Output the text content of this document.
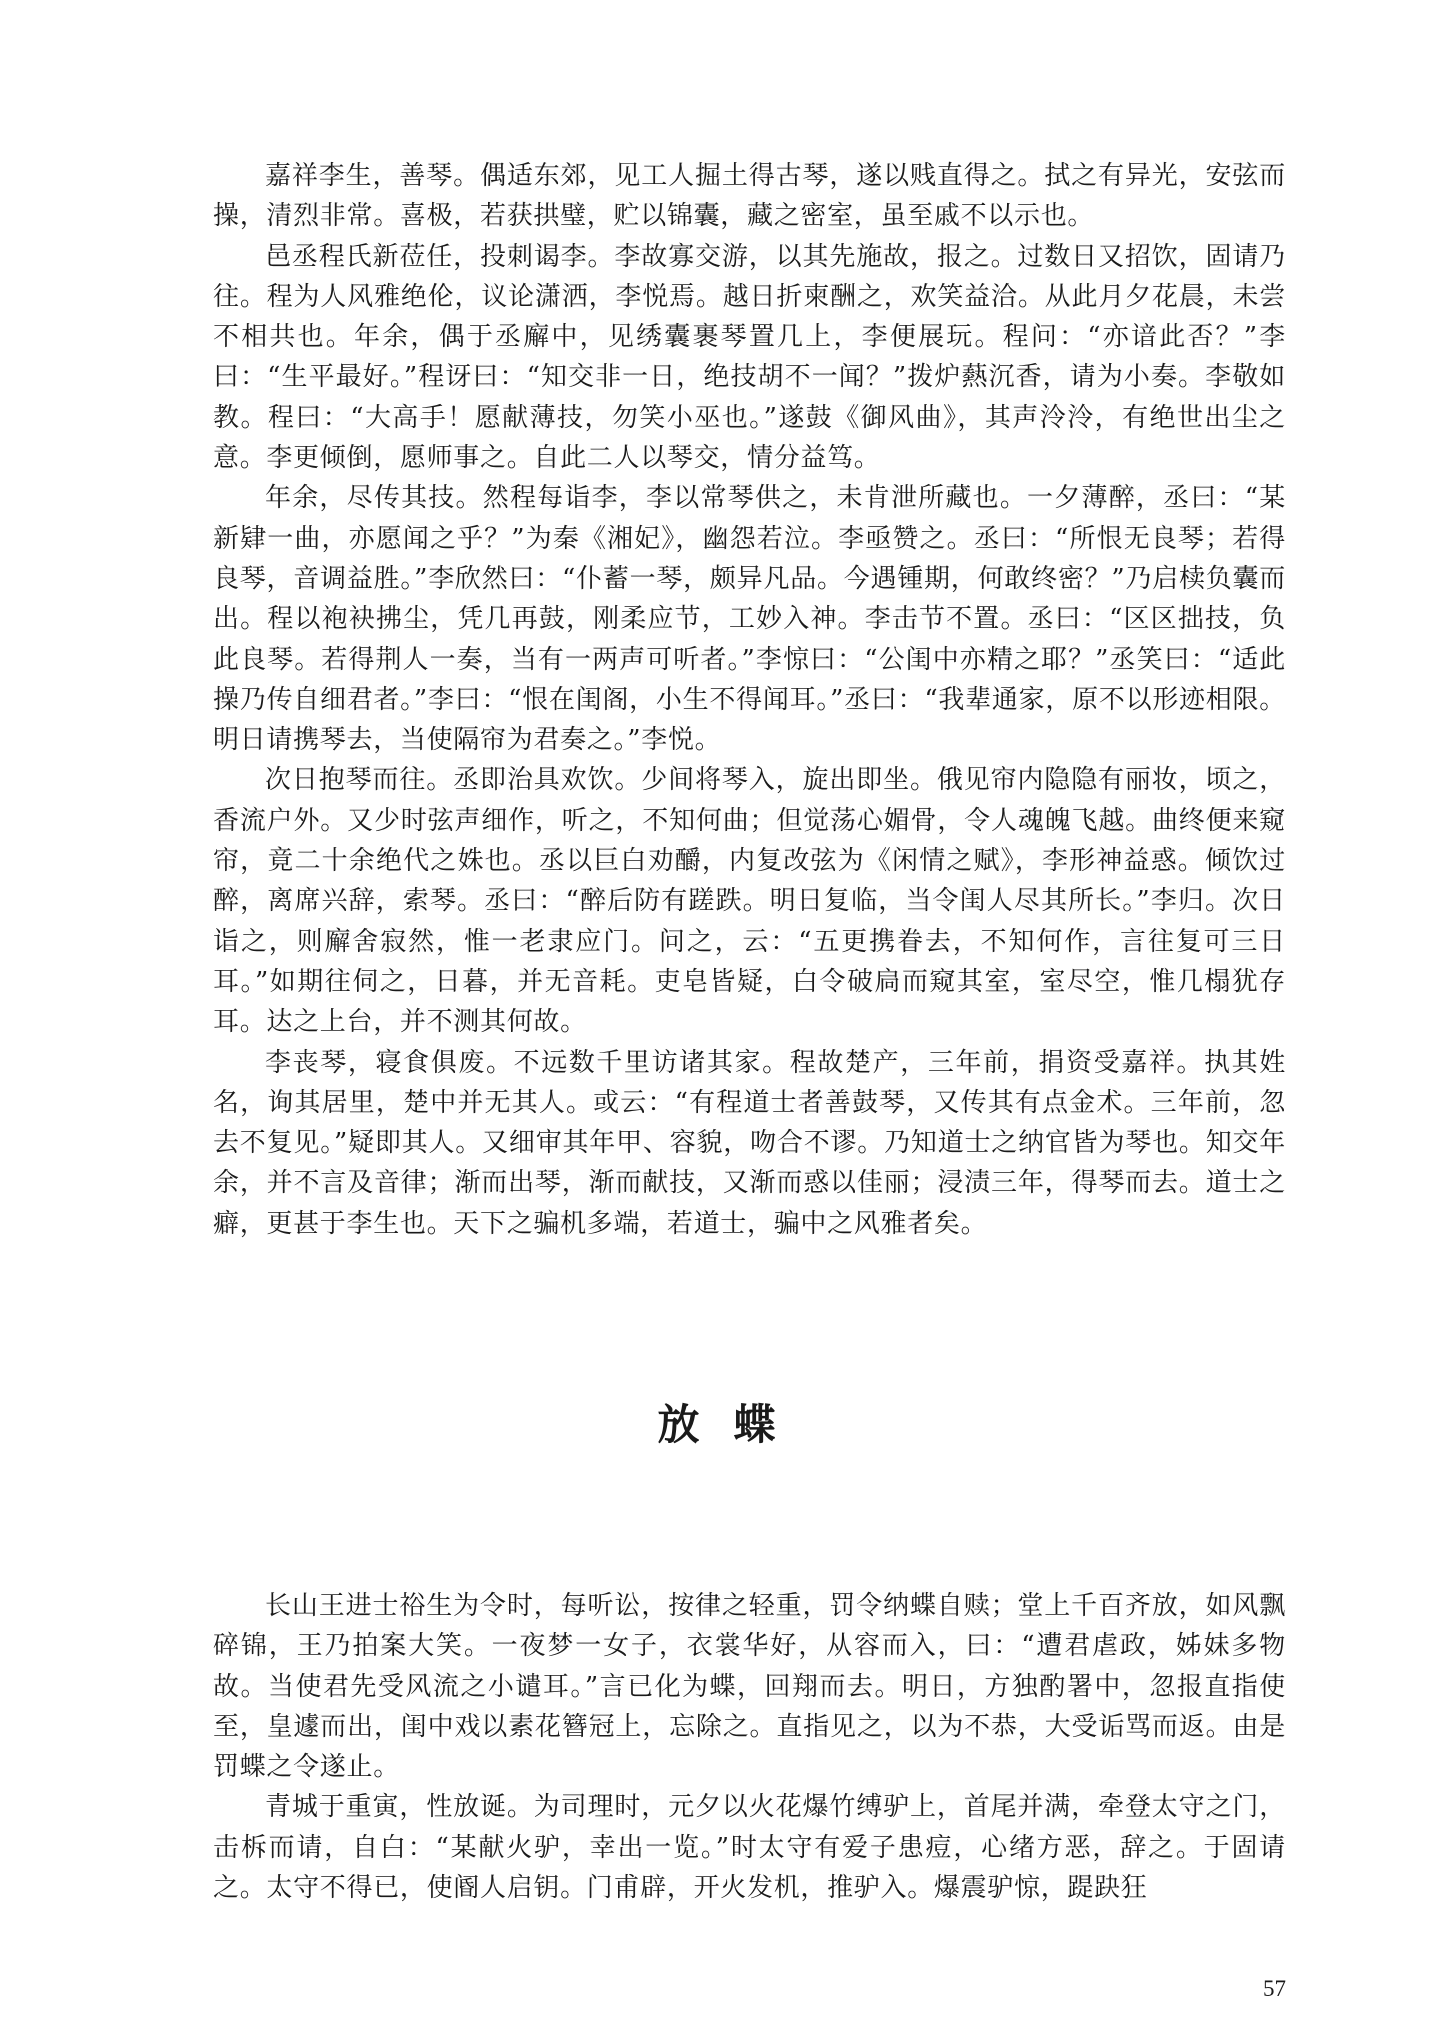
嘉祥李生，善琴。偶适东郊，见工人掘土得古琴，遂以贱直得之。拭之有异光，安弦而操，清烈非常。喜极，若获拱璧，贮以锦囊，藏之密室，虽至戚不以示也。

邑丞程氏新莅任，投刺谒李。李故寡交游，以其先施故，报之。过数日又招饮，固请乃往。程为人风雅绝伦，议论潇洒，李悦焉。越日折柬酬之，欢笑益洽。从此月夕花晨，未尝不相共也。年余，偶于丞廨中，见绣囊裹琴置几上，李便展玩。程问：“亦谙此否？”李曰：“生平最好。”程讶曰：“知交非一日，绝技胡不一闻？”拨炉爇沉香，请为小奏。李敬如教。程曰：“大高手！愿献薄技，勿笑小巫也。”遂鼓《御风曲》，其声泠泠，有绝世出尘之意。李更倾倒，愿师事之。自此二人以琴交，情分益笃。

年余，尽传其技。然程每诣李，李以常琴供之，未肯泄所藏也。一夕薄醉，丞曰：“某新肄一曲，亦愿闻之乎？”为秦《湘妃》，幽怨若泣。李亟赞之。丞曰：“所恨无良琴；若得良琴，音调益胜。”李欣然曰：“仆蓄一琴，颇异凡品。今遇锺期，何敢终密？”乃启椟负囊而出。程以袍袂拂尘，凭几再鼓，刚柔应节，工妙入神。李击节不置。丞曰：“区区拙技，负此良琴。若得荆人一奏，当有一两声可听者。”李惊曰：“公闺中亦精之耶？”丞笑曰：“适此操乃传自细君者。”李曰：“恨在闺阁，小生不得闻耳。”丞曰：“我辈通家，原不以形迹相限。明日请携琴去，当使隔帘为君奏之。”李悦。

次日抱琴而往。丞即治具欢饮。少间将琴入，旋出即坐。俄见帘内隐隐有丽妆，顷之，香流户外。又少时弦声细作，听之，不知何曲；但觉荡心媚骨，令人魂魄飞越。曲终便来窥帘，竟二十余绝代之姝也。丞以巨白劝釂，内复改弦为《闲情之赋》，李形神益惑。倾饮过醉，离席兴辞，索琴。丞曰：“醉后防有蹉跌。明日复临，当令闺人尽其所长。”李归。次日诣之，则廨舍寂然，惟一老隶应门。问之，云：“五更携眷去，不知何作，言往复可三日耳。”如期往伺之，日暮，并无音耗。吏皂皆疑，白令破扃而窥其室，室尽空，惟几榻犹存耳。达之上台，并不测其何故。

李丧琴，寝食俱废。不远数千里访诸其家。程故楚产，三年前，捐资受嘉祥。执其姓名，询其居里，楚中并无其人。或云：“有程道士者善鼓琴，又传其有点金术。三年前，忽去不复见。”疑即其人。又细审其年甲、容貌，吻合不谬。乃知道士之纳官皆为琴也。知交年余，并不言及音律；渐而出琴，渐而献技，又渐而惑以佳丽；浸渍三年，得琴而去。道士之癖，更甚于李生也。天下之骗机多端，若道士，骗中之风雅者矣。

放蝶

长山王进士𥙿生为令时，每听讼，按律之轻重，罚令纳蝶自赎；堂上千百齐放，如风飘碎锦，王乃拍案大笑。一夜梦一女子，衣裳华好，从容而入，曰：“遭君虐政，姊妹多物故。当使君先受风流之小谴耳。”言已化为蝶，回翔而去。明日，方独酌署中，忽报直指使至，皇遽而出，闺中戏以素花簪冠上，忘除之。直指见之，以为不恭，大受诟骂而返。由是罚蝶之令遂止。

青城于重寅，性放诞。为司理时，元夕以火花爆竹缚驴上，首尾并满，牵登太守之门，击柝而请，自白：“某献火驴，幸出一览。”时太守有爱子患痘，心绪方恶，辞之。于固请之。太守不得已，使阍人启钥。门甫辟，开火发机，推驴入。爆震驴惊，踶趹狂

57
